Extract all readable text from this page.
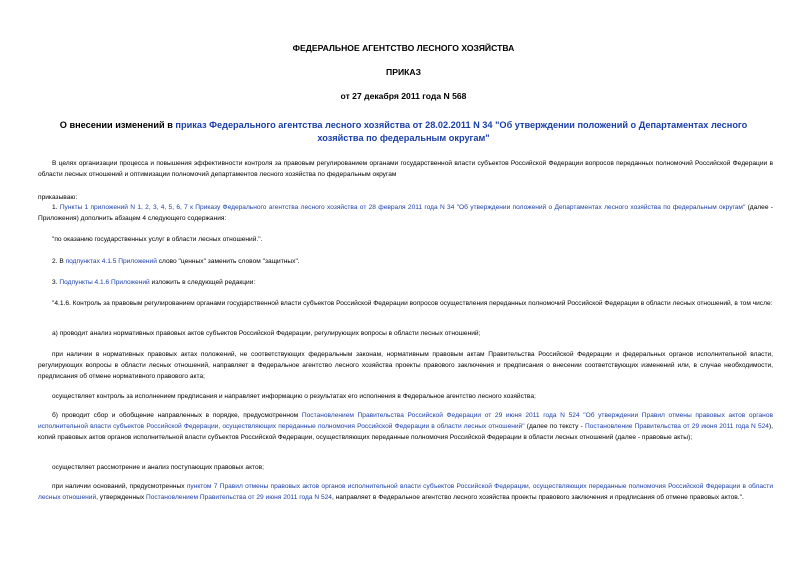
ФЕДЕРАЛЬНОЕ АГЕНТСТВО ЛЕСНОГО ХОЗЯЙСТВА
ПРИКАЗ
от 27 декабря 2011 года N 568
О внесении изменений в приказ Федерального агентства лесного хозяйства от 28.02.2011 N 34 "Об утверждении положений о Департаментах лесного хозяйства по федеральным округам"

В целях организации процесса и повышения эффективности контроля за правовым регулированием органами государственной власти субъектов Российской Федерации вопросов переданных полномочий Российской Федерации в области лесных отношений и оптимизации полномочий департаментов лесного хозяйства по федеральным округам

приказываю:

1. Пункты 1 приложений N 1, 2, 3, 4, 5, 6, 7 к Приказу Федерального агентства лесного хозяйства от 28 февраля 2011 года N 34 "Об утверждении положений о Департаментах лесного хозяйства по федеральным округам" (далее - Приложения) дополнить абзацем 4 следующего содержания:

"по оказанию государственных услуг в области лесных отношений.".

2. В подпунктах 4.1.5 Приложений слово "ценных" заменить словом "защитных".

3. Подпункты 4.1.6 Приложений изложить в следующей редакции:

"4.1.6. Контроль за правовым регулированием органами государственной власти субъектов Российской Федерации вопросов осуществления переданных полномочий Российской Федерации в области лесных отношений, в том числе:

а) проводит анализ нормативных правовых актов субъектов Российской Федерации, регулирующих вопросы в области лесных отношений;

при наличии в нормативных правовых актах положений, не соответствующих федеральным законам, нормативным правовым актам Правительства Российской Федерации и федеральных органов исполнительной власти, регулирующих вопросы в области лесных отношений, направляет в Федеральное агентство лесного хозяйства проекты правового заключения и предписания о внесении соответствующих изменений или, в случае необходимости, предписания об отмене нормативного правового акта;

осуществляет контроль за исполнением предписания и направляет информацию о результатах его исполнения в Федеральное агентство лесного хозяйства;

б) проводит сбор и обобщение направленных в порядке, предусмотренном Постановлением Правительства Российской Федерации от 29 июня 2011 года N 524 "Об утверждении Правил отмены правовых актов органов исполнительной власти субъектов Российской Федерации, осуществляющих переданные полномочия Российской Федерации в области лесных отношений" (далее по тексту - Постановление Правительства от 29 июня 2011 года N 524), копий правовых актов органов исполнительной власти субъектов Российской Федерации, осуществляющих переданные полномочия Российской Федерации в области лесных отношений (далее - правовые акты);

осуществляет рассмотрение и анализ поступающих правовых актов;

при наличии оснований, предусмотренных пунктом 7 Правил отмены правовых актов органов исполнительной власти субъектов Российской Федерации, осуществляющих переданные полномочия Российской Федерации в области лесных отношений, утвержденных Постановлением Правительства от 29 июня 2011 года N 524, направляет в Федеральное агентство лесного хозяйства проекты правового заключения и предписания об отмене правовых актов.".
